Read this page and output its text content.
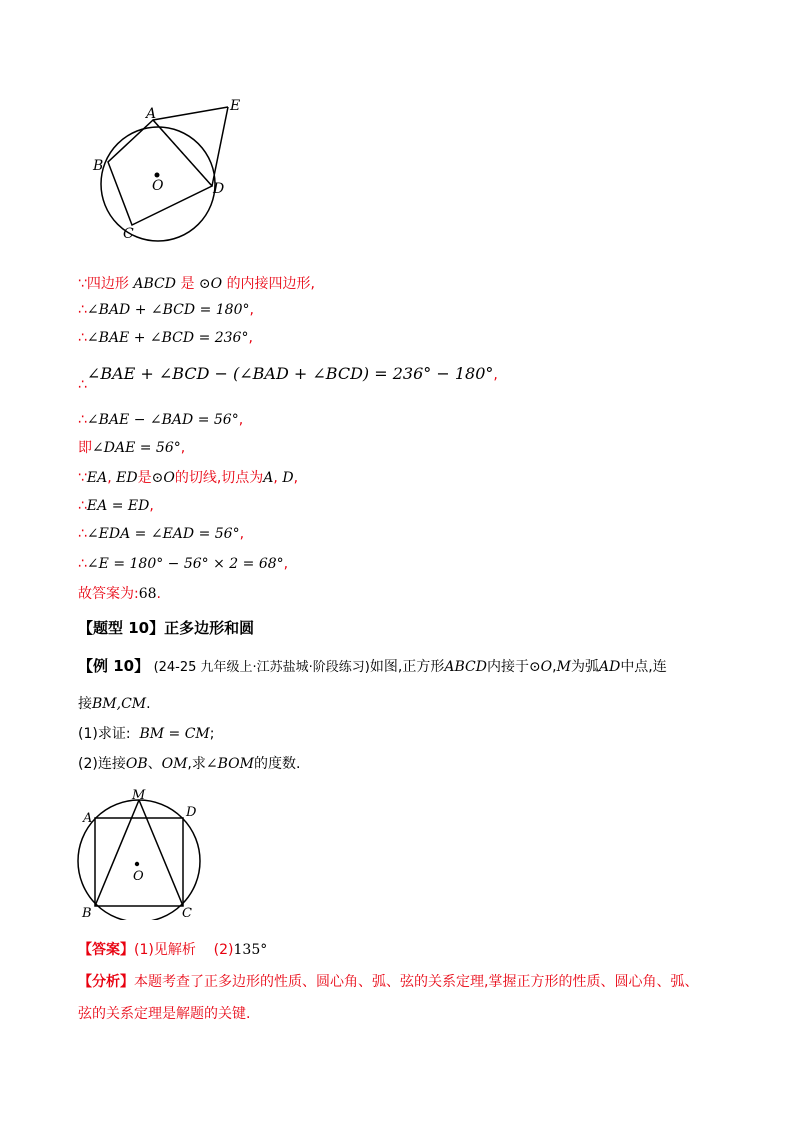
A	E
B
D
C
O
∵四边形 ABCD 是 ⊙O 的内接四边形,
∴∠BAD + ∠BCD = 180°,
∴∠BAE + ∠BCD = 236°,
∴∠BAE + ∠BCD − (∠BAD + ∠BCD) = 236° − 180°,
∴∠BAE − ∠BAD = 56°,
即∠DAE = 56°,
∵EA, ED是⊙O的切线,切点为A, D,
∴EA = ED,
∴∠EDA = ∠EAD = 56°,
∴∠E = 180° − 56° × 2 = 68°,
故答案为:68.
【题型 10】正多边形和圆
【例 10】 (24-25 九年级上·江苏盐城·阶段练习)如图,正方形ABCD内接于⊙O,M为弧AD中点,连
接BM,CM.
(1)求证: BM = CM;
(2)连接OB、OM,求∠BOM的度数.
M
A	D
O
B	C
【答案】(1)见解析 (2)135°
【分析】本题考查了正多边形的性质、圆心角、弧、弦的关系定理,掌握正方形的性质、圆心角、弧、
弦的关系定理是解题的关键.
